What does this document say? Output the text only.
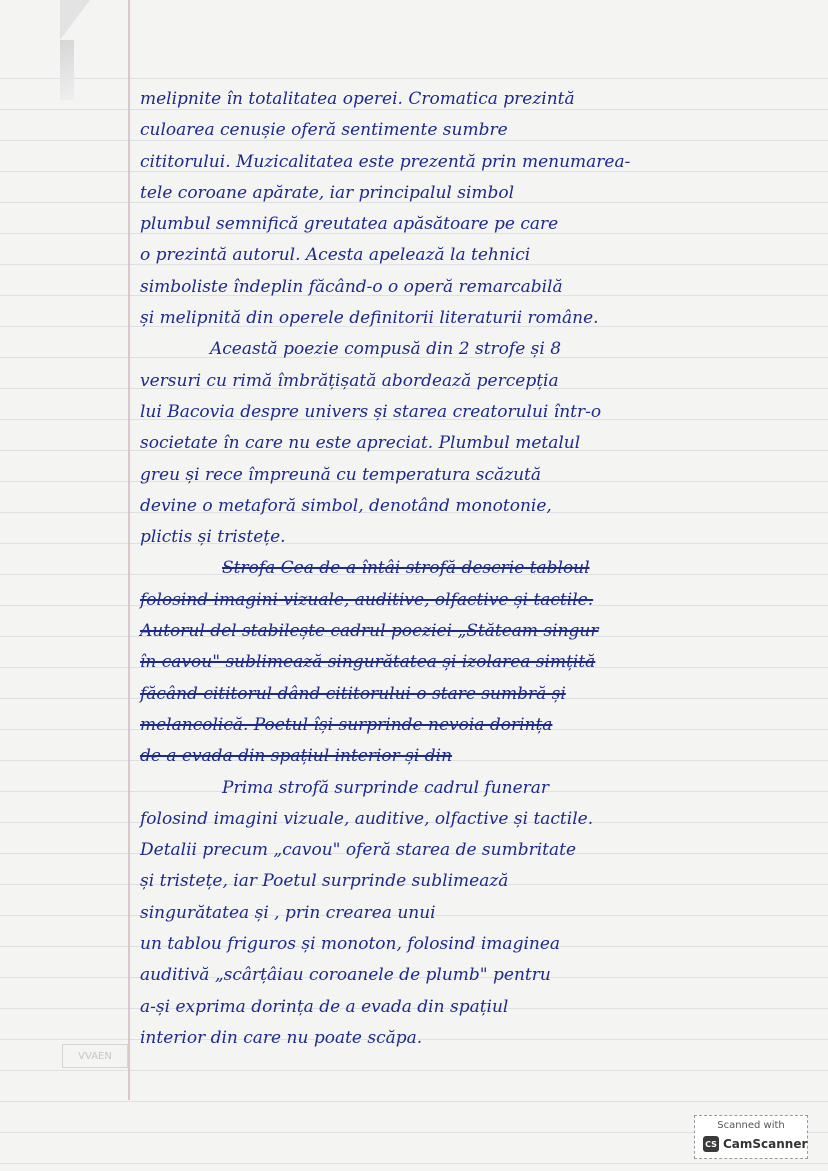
melipnite în totalitatea operei. Cromatica prezintă
culoarea cenușie oferă sentimente sumbre
cititorului. Muzicalitatea este prezentă prin menumarea-
tele coroane apărate, iar principalul simbol
plumbul semnifică greutatea apăsătoare pe care
o prezintă autorul. Acesta apelează la tehnici
simboliste îndeplin făcând-o o operă remarcabilă
și melipnită din operele definitorii literaturii române.
Această poezie compusă din 2 strofe și 8
versuri cu rimă îmbrățișată abordează percepția
lui Bacovia despre univers și starea creatorului într-o
societate în care nu este apreciat. Plumbul metalul
greu și rece împreună cu temperatura scăzută
devine o metaforă simbol, denotând monotonie,
plictis și tristețe.
Strofa Cea de-a întâi strofă descrie tabloul
folosind imagini vizuale, auditive, olfactive și tactile.
Autorul del stabilește cadrul poeziei „Stăteam singur
în cavou" sublimează singurătatea și izolarea simțită
făcând cititorul dând cititorului o stare sumbră și
melancolică. Poetul își surprinde nevoia dorința
de a evada din spațiul interior și din
Prima strofă surprinde cadrul funerar
folosind imagini vizuale, auditive, olfactive și tactile.
Detalii precum „cavou" oferă starea de sumbritate
și tristețe, iar Poetul surprinde sublimează
singurătatea și , prin crearea unui
un tablou friguros și monoton, folosind imaginea
auditivă „scârțâiau coroanele de plumb" pentru
a-și exprima dorința de a evada din spațiul
interior din care nu poate scăpa.
VVAEN
Scanned with
CS CamScanner
